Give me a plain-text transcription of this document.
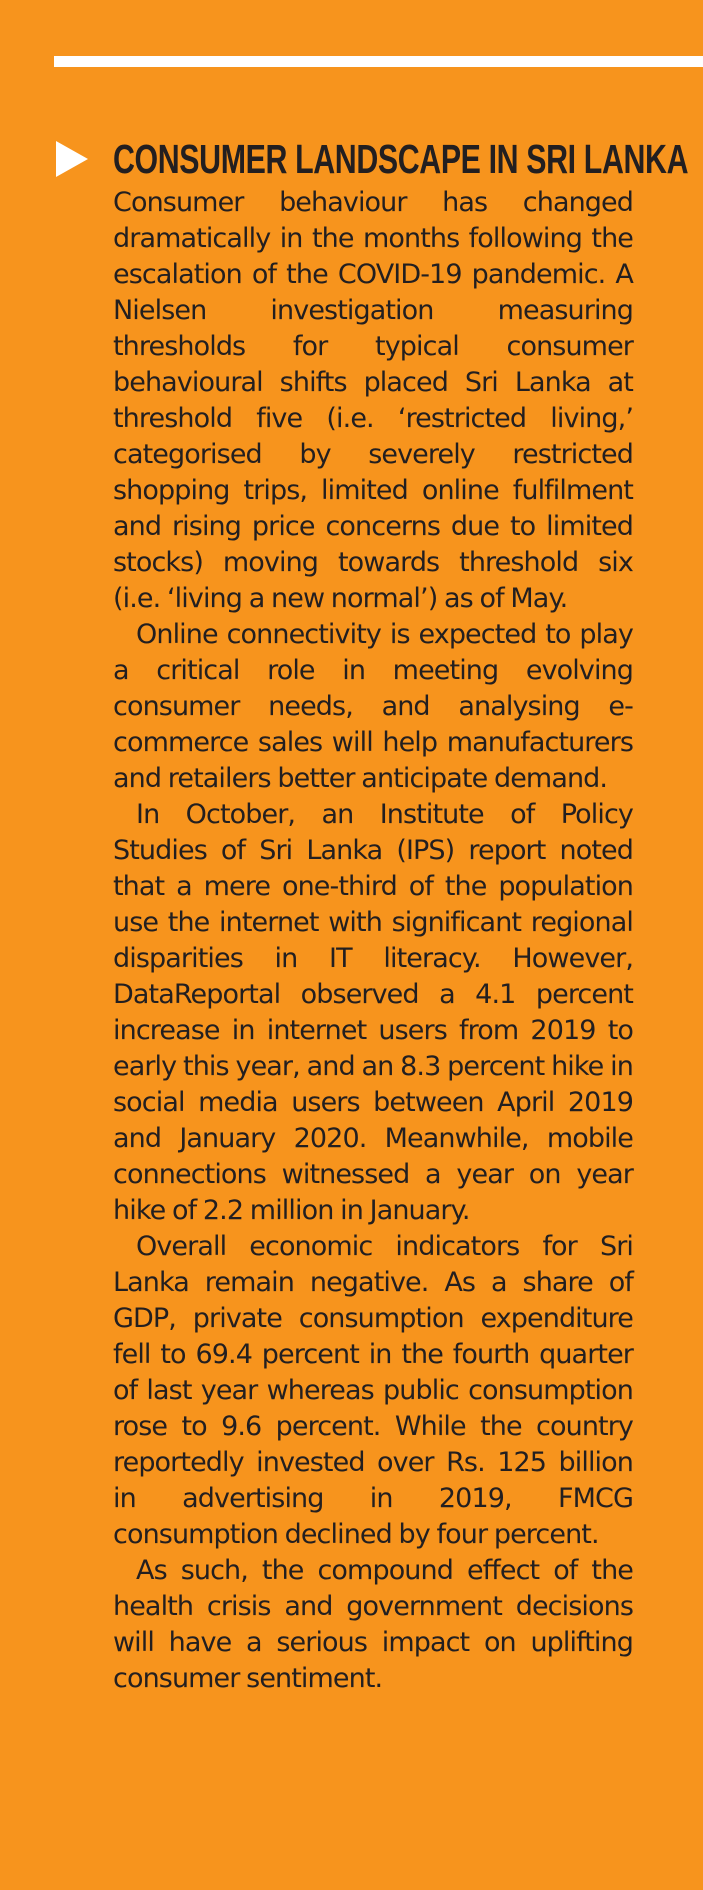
CONSUMER LANDSCAPE IN SRI LANKA

Consumer behaviour has changed dramatically in the months following the escalation of the COVID-19 pandemic. A Nielsen investigation measuring thresholds for typical consumer behavioural shifts placed Sri Lanka at threshold five (i.e. ‘restricted living,’ categorised by severely restricted shopping trips, limited online fulfilment and rising price concerns due to limited stocks) moving towards threshold six (i.e. ‘living a new normal’) as of May.

Online connectivity is expected to play a critical role in meeting evolving consumer needs, and analysing e-commerce sales will help manufacturers and retailers better anticipate demand.

In October, an Institute of Policy Studies of Sri Lanka (IPS) report noted that a mere one-third of the population use the internet with significant regional disparities in IT literacy. However, DataReportal observed a 4.1 percent increase in internet users from 2019 to early this year, and an 8.3 percent hike in social media users between April 2019 and January 2020. Meanwhile, mobile connections witnessed a year on year hike of 2.2 million in January.

Overall economic indicators for Sri Lanka remain negative. As a share of GDP, private consumption expenditure fell to 69.4 percent in the fourth quarter of last year whereas public consumption rose to 9.6 percent. While the country reportedly invested over Rs. 125 billion in advertising in 2019, FMCG consumption declined by four percent.

As such, the compound effect of the health crisis and government decisions will have a serious impact on uplifting consumer sentiment.
